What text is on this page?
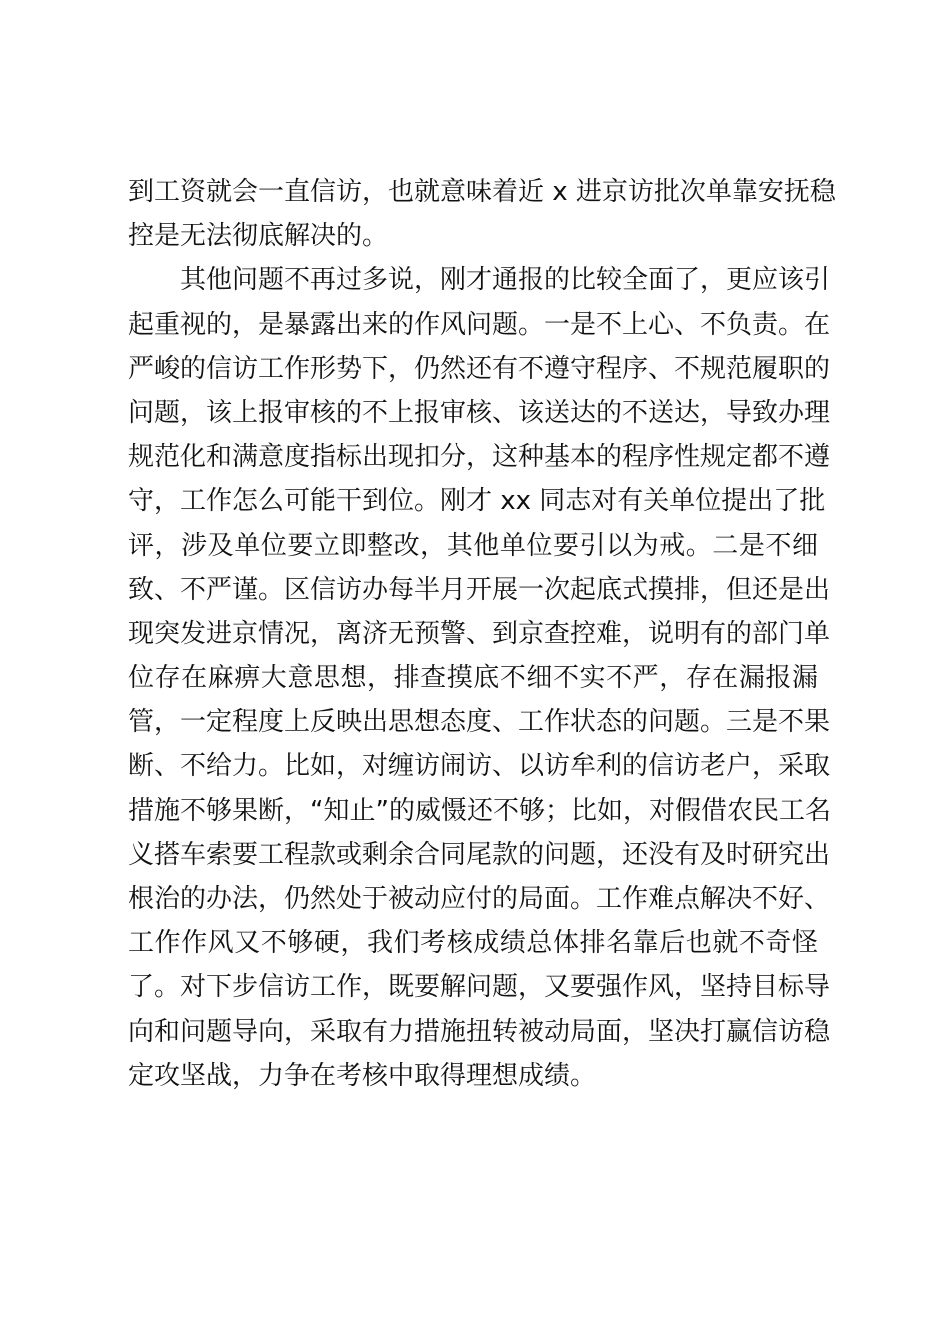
到工资就会一直信访，也就意味着近 x 进京访批次单靠安抚稳

控是无法彻底解决的。

其他问题不再过多说，刚才通报的比较全面了，更应该引

起重视的，是暴露出来的作风问题。一是不上心、不负责。在

严峻的信访工作形势下，仍然还有不遵守程序、不规范履职的

问题，该上报审核的不上报审核、该送达的不送达，导致办理

规范化和满意度指标出现扣分，这种基本的程序性规定都不遵

守，工作怎么可能干到位。刚才 xx 同志对有关单位提出了批

评，涉及单位要立即整改，其他单位要引以为戒。二是不细

致、不严谨。区信访办每半月开展一次起底式摸排，但还是出

现突发进京情况，离济无预警、到京查控难，说明有的部门单

位存在麻痹大意思想，排查摸底不细不实不严，存在漏报漏

管，一定程度上反映出思想态度、工作状态的问题。三是不果

断、不给力。比如，对缠访闹访、以访牟利的信访老户，采取

措施不够果断，“知止”的威慑还不够；比如，对假借农民工名

义搭车索要工程款或剩余合同尾款的问题，还没有及时研究出

根治的办法，仍然处于被动应付的局面。工作难点解决不好、

工作作风又不够硬，我们考核成绩总体排名靠后也就不奇怪

了。对下步信访工作，既要解问题，又要强作风，坚持目标导

向和问题导向，采取有力措施扭转被动局面，坚决打赢信访稳

定攻坚战，力争在考核中取得理想成绩。
